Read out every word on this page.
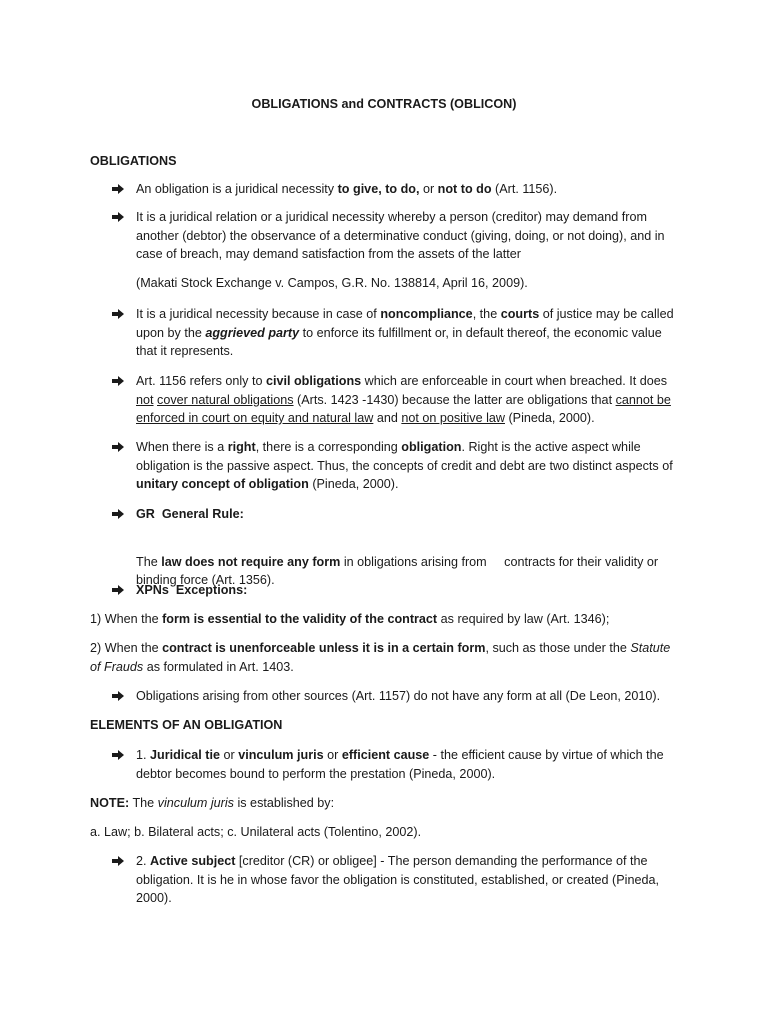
OBLIGATIONS and CONTRACTS (OBLICON)
OBLIGATIONS
An obligation is a juridical necessity to give, to do, or not to do (Art. 1156).
It is a juridical relation or a juridical necessity whereby a person (creditor) may demand from another (debtor) the observance of a determinative conduct (giving, doing, or not doing), and in case of breach, may demand satisfaction from the assets of the latter
(Makati Stock Exchange v. Campos, G.R. No. 138814, April 16, 2009).
It is a juridical necessity because in case of noncompliance, the courts of justice may be called upon by the aggrieved party to enforce its fulfillment or, in default thereof, the economic value that it represents.
Art. 1156 refers only to civil obligations which are enforceable in court when breached. It does not cover natural obligations (Arts. 1423 -1430) because the latter are obligations that cannot be enforced in court on equity and natural law and not on positive law (Pineda, 2000).
When there is a right, there is a corresponding obligation. Right is the active aspect while obligation is the passive aspect. Thus, the concepts of credit and debt are two distinct aspects of unitary concept of obligation (Pineda, 2000).
GR  General Rule:

The law does not require any form in obligations arising from     contracts for their validity or binding force (Art. 1356).
XPNs  Exceptions:
1) When the form is essential to the validity of the contract as required by law (Art. 1346);
2) When the contract is unenforceable unless it is in a certain form, such as those under the Statute of Frauds as formulated in Art. 1403.
Obligations arising from other sources (Art. 1157) do not have any form at all (De Leon, 2010).
ELEMENTS OF AN OBLIGATION
1. Juridical tie or vinculum juris or efficient cause - the efficient cause by virtue of which the debtor becomes bound to perform the prestation (Pineda, 2000).
NOTE: The vinculum juris is established by:
a. Law; b. Bilateral acts; c. Unilateral acts (Tolentino, 2002).
2. Active subject [creditor (CR) or obligee] - The person demanding the performance of the obligation. It is he in whose favor the obligation is constituted, established, or created (Pineda, 2000).
